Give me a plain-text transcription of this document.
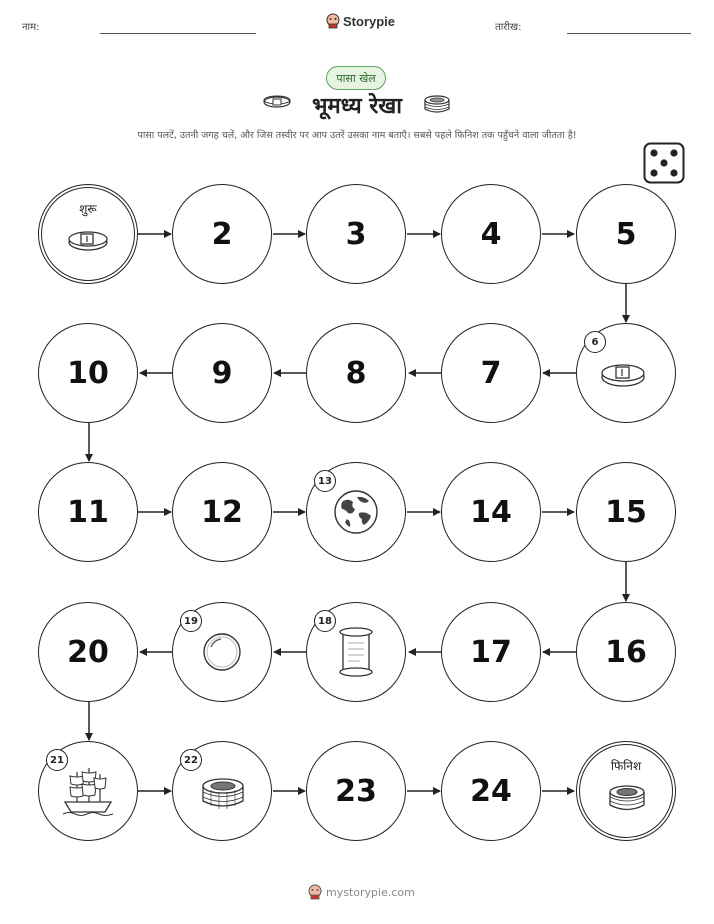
नाम:	Storypie	तारीख:
पासा खेल
भूमध्य रेखा
पासा पलटें, उतनी जगह चलें, और जिस तस्वीर पर आप उतरें उसका नाम बताएँ। सबसे पहले फिनिश तक पहुँचने वाला जीतता है!
शुरू
2	3	4	5
6
7
8
9
10
11	12
13
14	15
16
17
18
19
20
21	22
23	24
फिनिश
mystorypie.com
